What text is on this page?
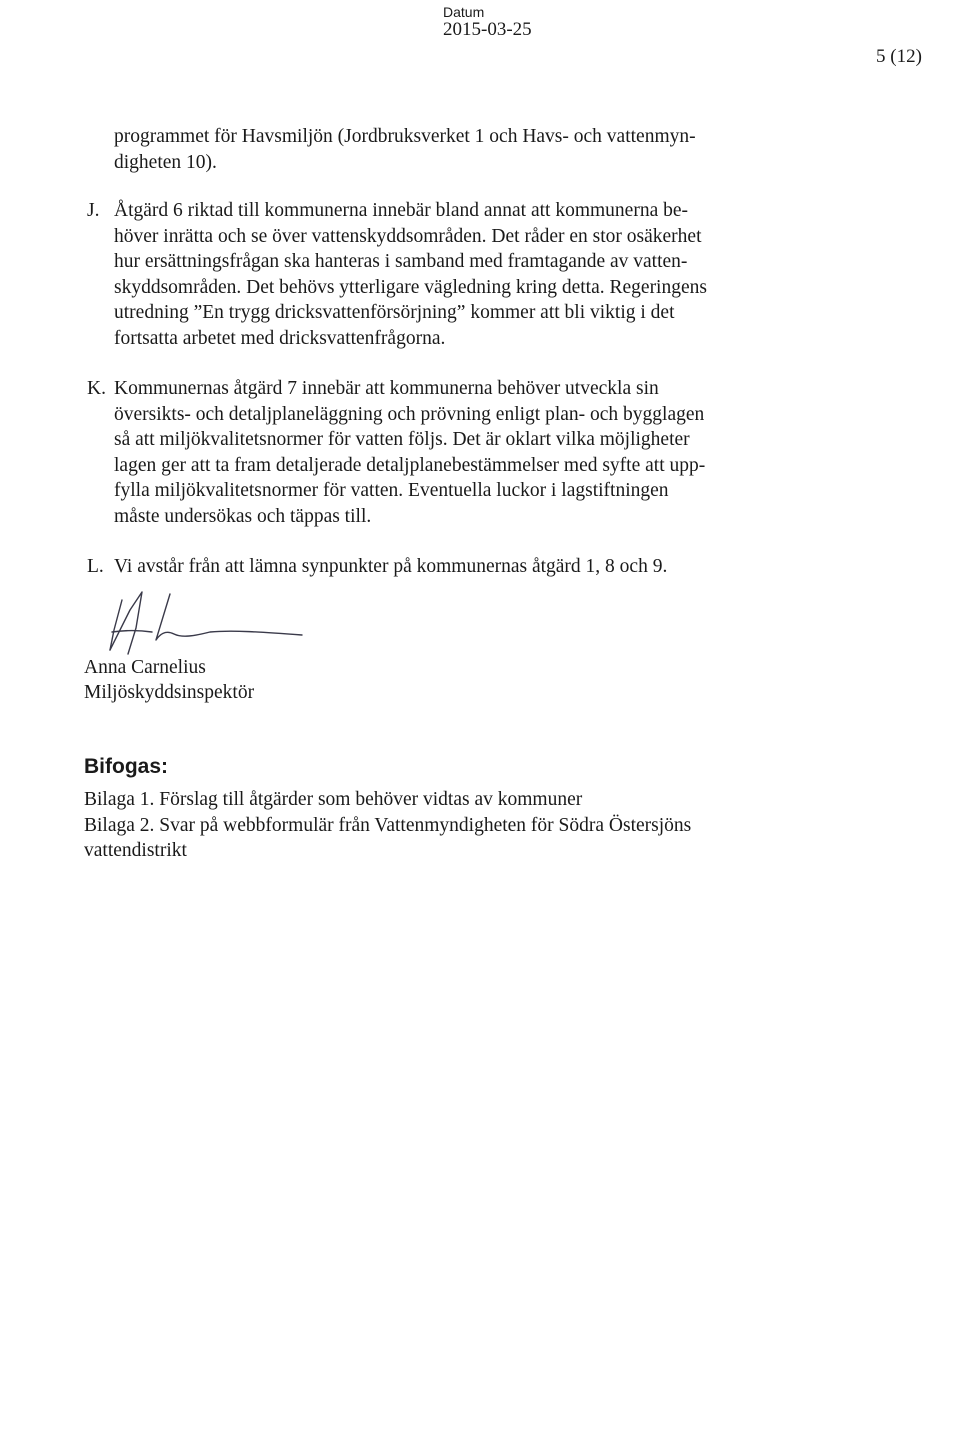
Datum
2015-03-25
5 (12)
programmet för Havsmiljön (Jordbruksverket 1 och Havs- och vattenmyn-
digheten 10).
J. Åtgärd 6 riktad till kommunerna innebär bland annat att kommunerna be-
höver inrätta och se över vattenskyddsområden. Det råder en stor osäkerhet
hur ersättningsfrågan ska hanteras i samband med framtagande av vatten-
skyddsområden. Det behövs ytterligare vägledning kring detta. Regeringens
utredning ”En trygg dricksvattenförsörjning” kommer att bli viktig i det
fortsatta arbetet med dricksvattenfrågorna.
K. Kommunernas åtgärd 7 innebär att kommunerna behöver utveckla sin
översikts- och detaljplaneläggning och prövning enligt plan- och bygglagen
så att miljökvalitetsnormer för vatten följs. Det är oklart vilka möjligheter
lagen ger att ta fram detaljerade detaljplanebestämmelser med syfte att upp-
fylla miljökvalitetsnormer för vatten. Eventuella luckor i lagstiftningen
måste undersökas och täppas till.
L. Vi avstår från att lämna synpunkter på kommunernas åtgärd 1, 8 och 9.
Anna Carnelius
Miljöskyddsinspektör
Bifogas:
Bilaga 1. Förslag till åtgärder som behöver vidtas av kommuner
Bilaga 2. Svar på webbformulär från Vattenmyndigheten för Södra Östersjöns
vattendistrikt
